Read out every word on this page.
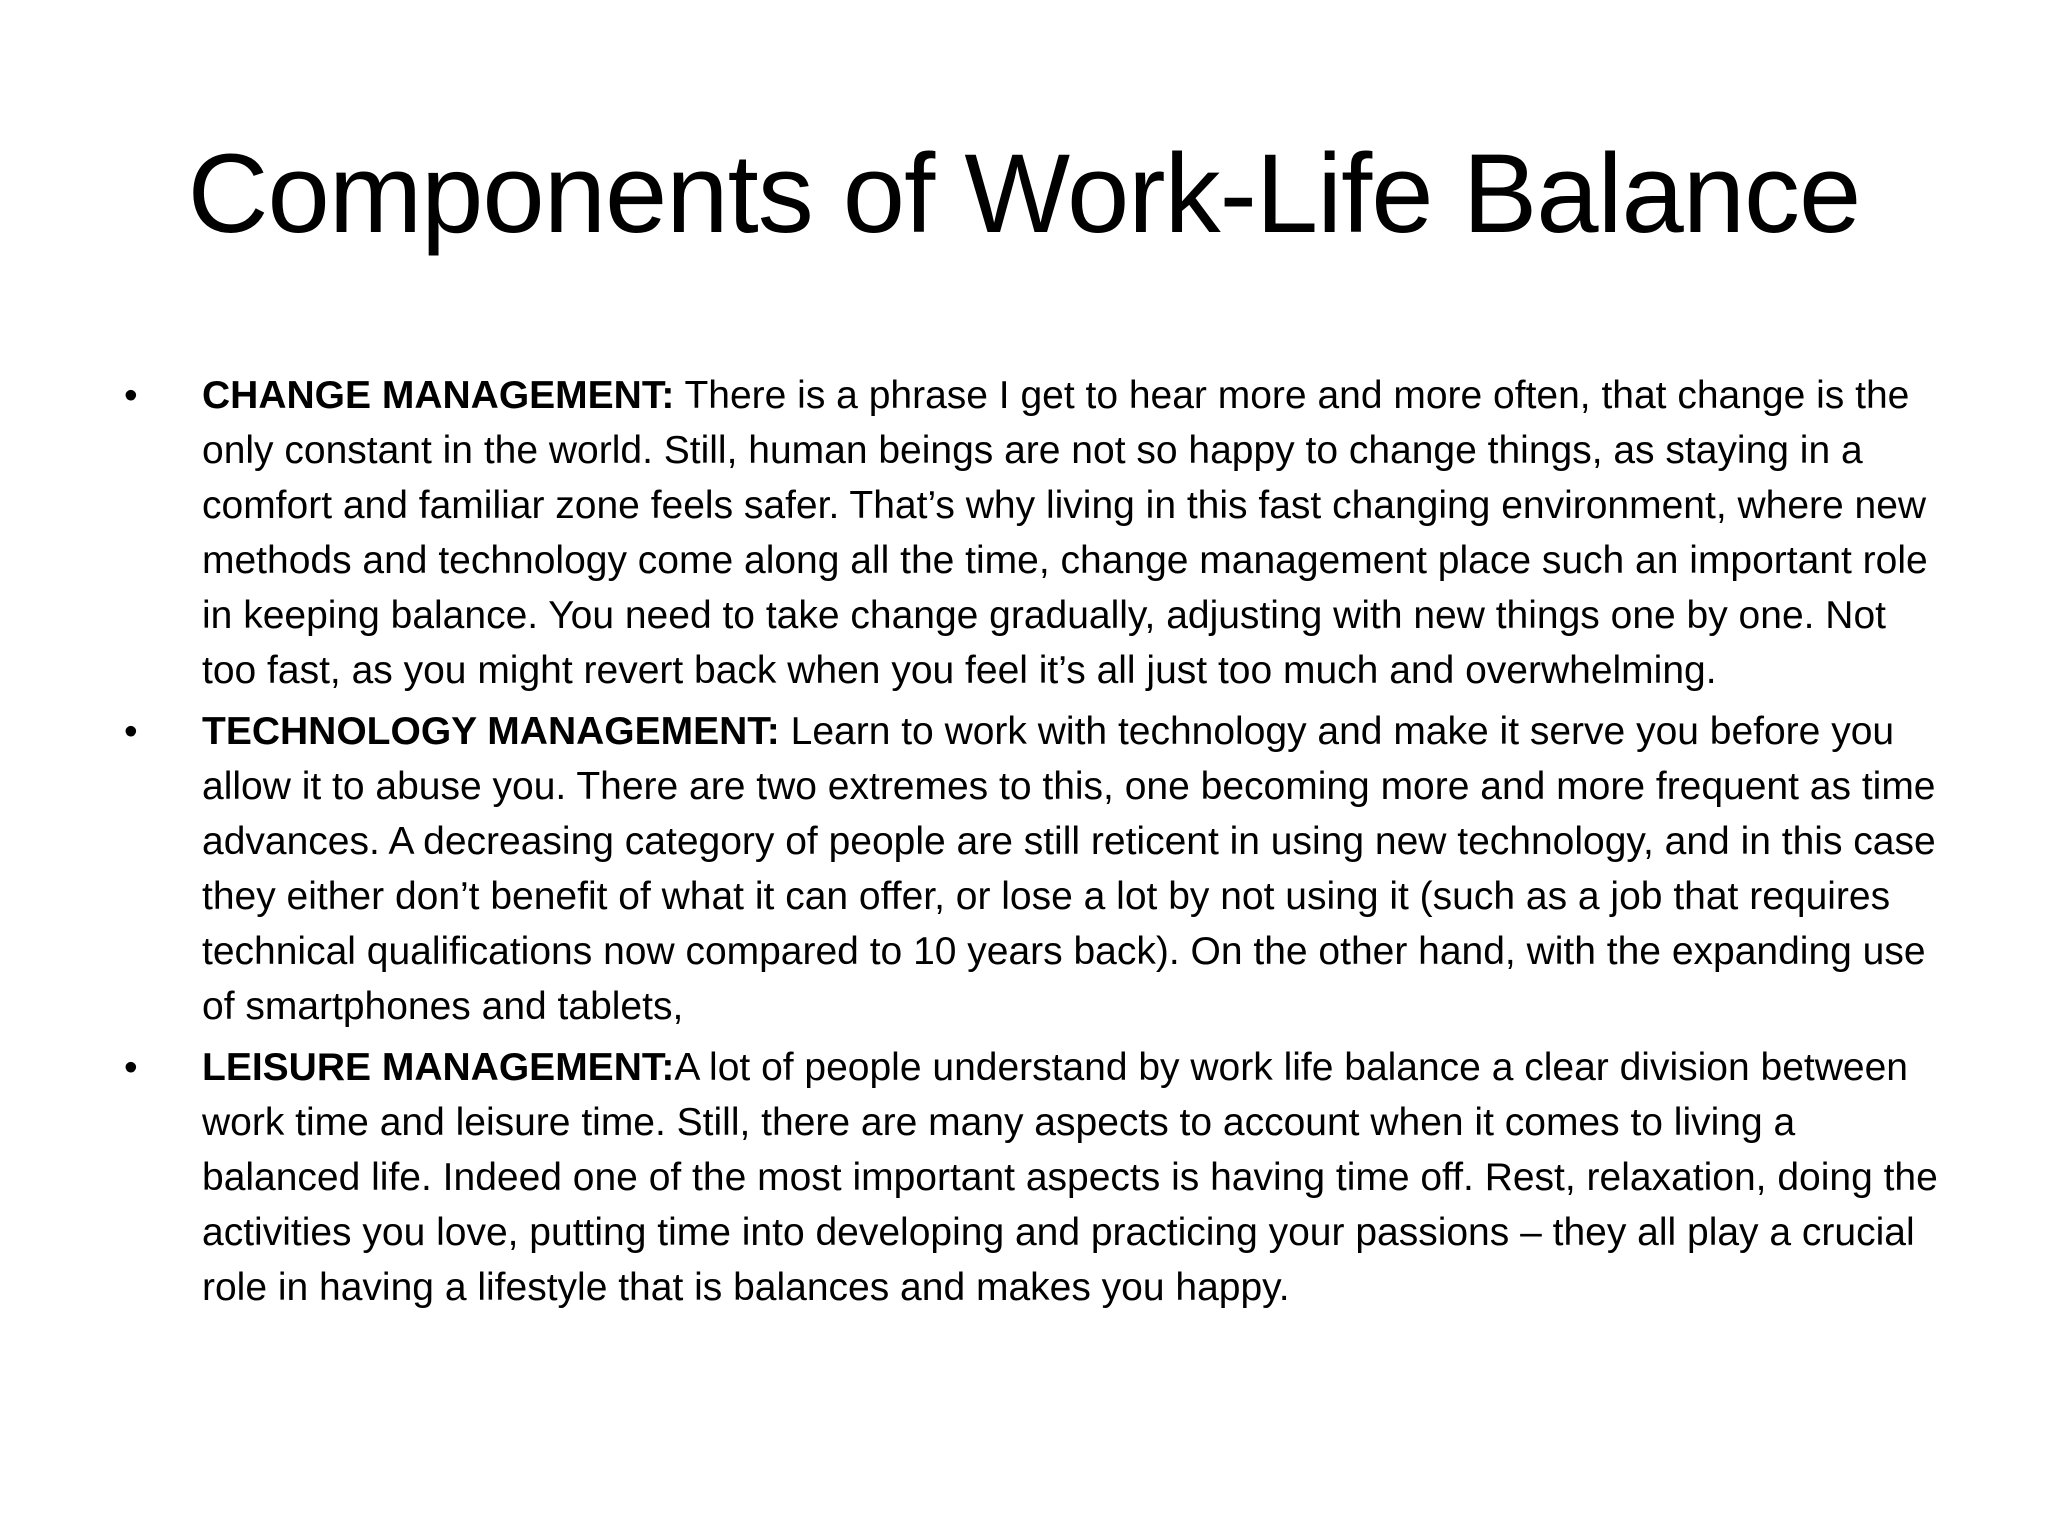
Components of Work-Life Balance
• CHANGE MANAGEMENT: There is a phrase I get to hear more and more often, that change is the only constant in the world. Still, human beings are not so happy to change things, as staying in a comfort and familiar zone feels safer. That’s why living in this fast changing environment, where new methods and technology come along all the time, change management place such an important role in keeping balance. You need to take change gradually, adjusting with new things one by one. Not too fast, as you might revert back when you feel it’s all just too much and overwhelming.
• TECHNOLOGY MANAGEMENT: Learn to work with technology and make it serve you before you allow it to abuse you. There are two extremes to this, one becoming more and more frequent as time advances. A decreasing category of people are still reticent in using new technology, and in this case they either don’t benefit of what it can offer, or lose a lot by not using it (such as a job that requires technical qualifications now compared to 10 years back). On the other hand, with the expanding use of smartphones and tablets,
• LEISURE MANAGEMENT:A lot of people understand by work life balance a clear division between work time and leisure time. Still, there are many aspects to account when it comes to living a balanced life. Indeed one of the most important aspects is having time off. Rest, relaxation, doing the activities you love, putting time into developing and practicing your passions – they all play a crucial role in having a lifestyle that is balances and makes you happy.
